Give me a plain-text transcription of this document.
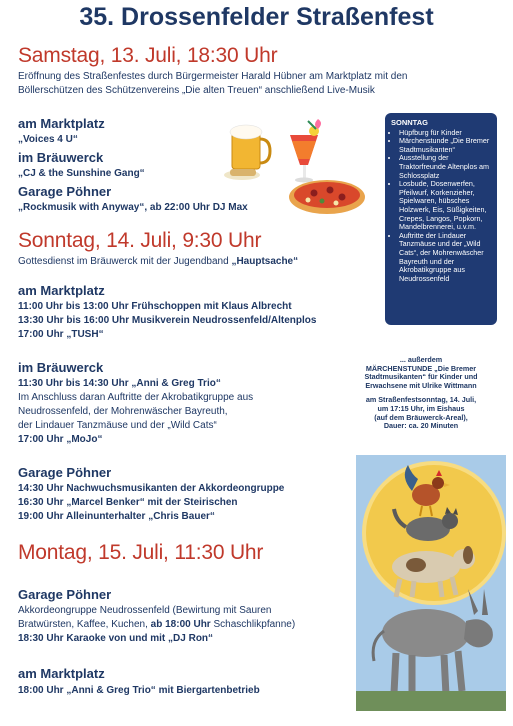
35. Drossenfelder Straßenfest
Samstag, 13. Juli, 18:30 Uhr
Eröffnung des Straßenfestes durch Bürgermeister Harald Hübner am Marktplatz mit den
Böllerschützen des Schützenvereins „Die alten Treuen“ anschließend Live-Musik
am Marktplatz
„Voices 4 U“
im Bräuwerck
„CJ & the Sunshine Gang“
Garage Pöhner
„Rockmusik with Anyway“, ab 22:00 Uhr DJ Max
Sonntag, 14. Juli, 9:30 Uhr
Gottesdienst im Bräuwerck mit der Jugendband „Hauptsache“
am Marktplatz
11:00 Uhr bis 13:00 Uhr Frühschoppen mit Klaus Albrecht
13:30 Uhr bis 16:00 Uhr Musikverein Neudrossenfeld/Altenplos
17:00 Uhr „TUSH“
im Bräuwerck
11:30 Uhr bis 14:30 Uhr „Anni & Greg Trio“
Im Anschluss daran Auftritte der Akrobatikgruppe aus
Neudrossenfeld, der Mohrenwäscher Bayreuth,
der Lindauer Tanzmäuse und der „Wild Cats“
17:00 Uhr „MoJo“
Garage Pöhner
14:30 Uhr Nachwuchsmusikanten der Akkordeongruppe
16:30 Uhr „Marcel Benker“ mit der Steirischen
19:00 Uhr Alleinunterhalter „Chris Bauer“
Montag, 15. Juli, 11:30 Uhr
Garage Pöhner
Akkordeongruppe Neudrossenfeld (Bewirtung mit Sauren
Bratwürsten, Kaffee, Kuchen, ab 18:00 Uhr Schaschlikpfanne)
18:30 Uhr Karaoke von und mit „DJ Ron“
am Marktplatz
18:00 Uhr „Anni & Greg Trio“ mit Biergartenbetrieb
SONNTAG
• Hüpfburg für Kinder
• Märchenstunde „Die Bremer Stadtmusikanten“
• Ausstellung der Traktorfreunde Altenplos am Schlossplatz
• Losbude, Dosenwerfen, Pfeilwurf, Korkenzieher, Spielwaren, hübsches Holzwerk, Eis, Süßigkeiten, Crepes, Langos, Popkorn, Mandelbrennerei, u.v.m.
• Auftritte der Lindauer Tanzmäuse und der „Wild Cats“, der Mohrenwäscher Bayreuth und der Akrobatikgruppe aus Neudrossenfeld
... außerdem
MÄRCHENSTUNDE „Die Bremer
Stadtmusikanten“ für Kinder und
Erwachsene mit Ulrike Wittmann
am Straßenfestsonntag, 14. Juli,
um 17:15 Uhr, im Eishaus
(auf dem Bräuwerck-Areal),
Dauer: ca. 20 Minuten
